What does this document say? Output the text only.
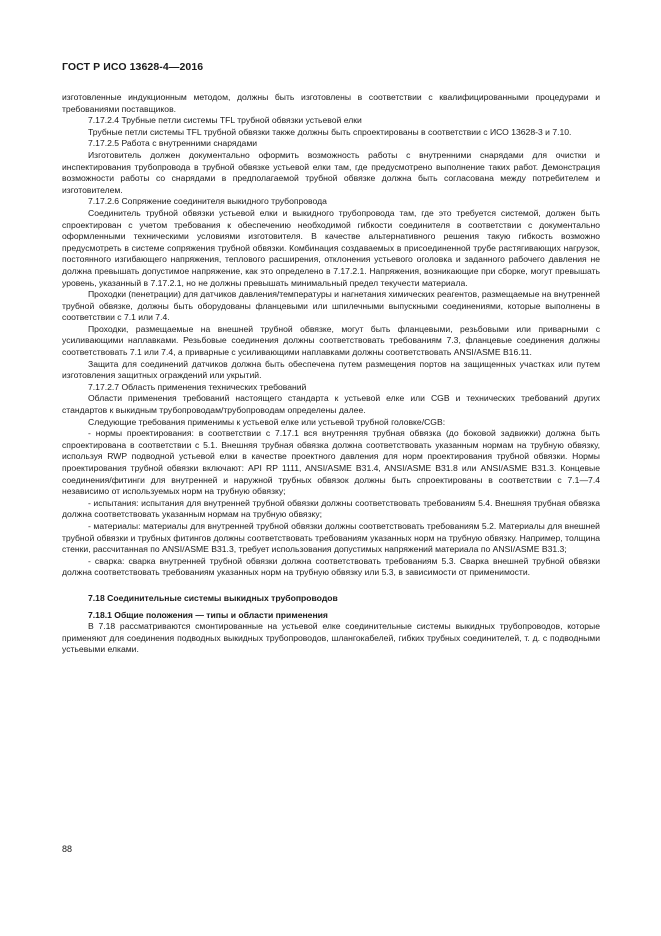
ГОСТ Р ИСО 13628-4—2016

изготовленные индукционным методом, должны быть изготовлены в соответствии с квалифицированными процедурами и требованиями поставщиков.

7.17.2.4 Трубные петли системы TFL трубной обвязки устьевой елки

Трубные петли системы TFL трубной обвязки также должны быть спроектированы в соответствии с ИСО 13628-3 и 7.10.

7.17.2.5 Работа с внутренними снарядами

Изготовитель должен документально оформить возможность работы с внутренними снарядами для очистки и инспектирования трубопровода в трубной обвязке устьевой елки там, где предусмотрено выполнение таких работ. Демонстрация возможности работы со снарядами в предполагаемой трубной обвязке должна быть согласована между потребителем и изготовителем.

7.17.2.6 Сопряжение соединителя выкидного трубопровода

Соединитель трубной обвязки устьевой елки и выкидного трубопровода там, где это требуется системой, должен быть спроектирован с учетом требования к обеспечению необходимой гибкости соединителя в соответствии с документально оформленными техническими условиями изготовителя. В качестве альтернативного решения такую гибкость возможно предусмотреть в системе сопряжения трубной обвязки. Комбинация создаваемых в присоединенной трубе растягивающих нагрузок, постоянного изгибающего напряжения, теплового расширения, отклонения устьевого оголовка и заданного рабочего давления не должна превышать допустимое напряжение, как это определено в 7.17.2.1. Напряжения, возникающие при сборке, могут превышать уровень, указанный в 7.17.2.1, но не должны превышать минимальный предел текучести материала.

Проходки (пенетрации) для датчиков давления/температуры и нагнетания химических реагентов, размещаемые на внутренней трубной обвязке, должны быть оборудованы фланцевыми или шпилечными выпускными соединениями, которые выполнены в соответствии с 7.1 или 7.4.

Проходки, размещаемые на внешней трубной обвязке, могут быть фланцевыми, резьбовыми или приварными с усиливающими наплавками. Резьбовые соединения должны соответствовать требованиям 7.3, фланцевые соединения должны соответствовать 7.1 или 7.4, а приварные с усиливающими наплавками должны соответствовать ANSI/ASME B16.11.

Защита для соединений датчиков должна быть обеспечена путем размещения портов на защищенных участках или путем изготовления защитных ограждений или укрытий.

7.17.2.7 Область применения технических требований

Области применения требований настоящего стандарта к устьевой елке или CGB и технических требований других стандартов к выкидным трубопроводам/трубопроводам определены далее.

Следующие требования применимы к устьевой елке или устьевой трубной головке/CGB:

- нормы проектирования: в соответствии с 7.17.1 вся внутренняя трубная обвязка (до боковой задвижки) должна быть спроектирована в соответствии с 5.1. Внешняя трубная обвязка должна соответствовать указанным нормам на трубную обвязку, используя RWP подводной устьевой елки в качестве проектного давления для норм проектирования трубной обвязки. Нормы проектирования трубной обвязки включают: API RP 1111, ANSI/ASME B31.4, ANSI/ASME B31.8 или ANSI/ASME B31.3. Концевые соединения/фитинги для внутренней и наружной трубных обвязок должны быть спроектированы в соответствии с 7.1—7.4 независимо от используемых норм на трубную обвязку;

- испытания: испытания для внутренней трубной обвязки должны соответствовать требованиям 5.4. Внешняя трубная обвязка должна соответствовать указанным нормам на трубную обвязку;

- материалы: материалы для внутренней трубной обвязки должны соответствовать требованиям 5.2. Материалы для внешней трубной обвязки и трубных фитингов должны соответствовать требованиям указанных норм на трубную обвязку. Например, толщина стенки, рассчитанная по ANSI/ASME B31.3, требует использования допустимых напряжений материала по ANSI/ASME B31.3;

- сварка: сварка внутренней трубной обвязки должна соответствовать требованиям 5.3. Сварка внешней трубной обвязки должна соответствовать требованиям указанных норм на трубную обвязку или 5.3, в зависимости от применимости.

7.18 Соединительные системы выкидных трубопроводов
7.18.1 Общие положения — типы и области применения

В 7.18 рассматриваются смонтированные на устьевой елке соединительные системы выкидных трубопроводов, которые применяют для соединения подводных выкидных трубопроводов, шлангокабелей, гибких трубных соединителей, т. д. с подводными устьевыми елками.

88
